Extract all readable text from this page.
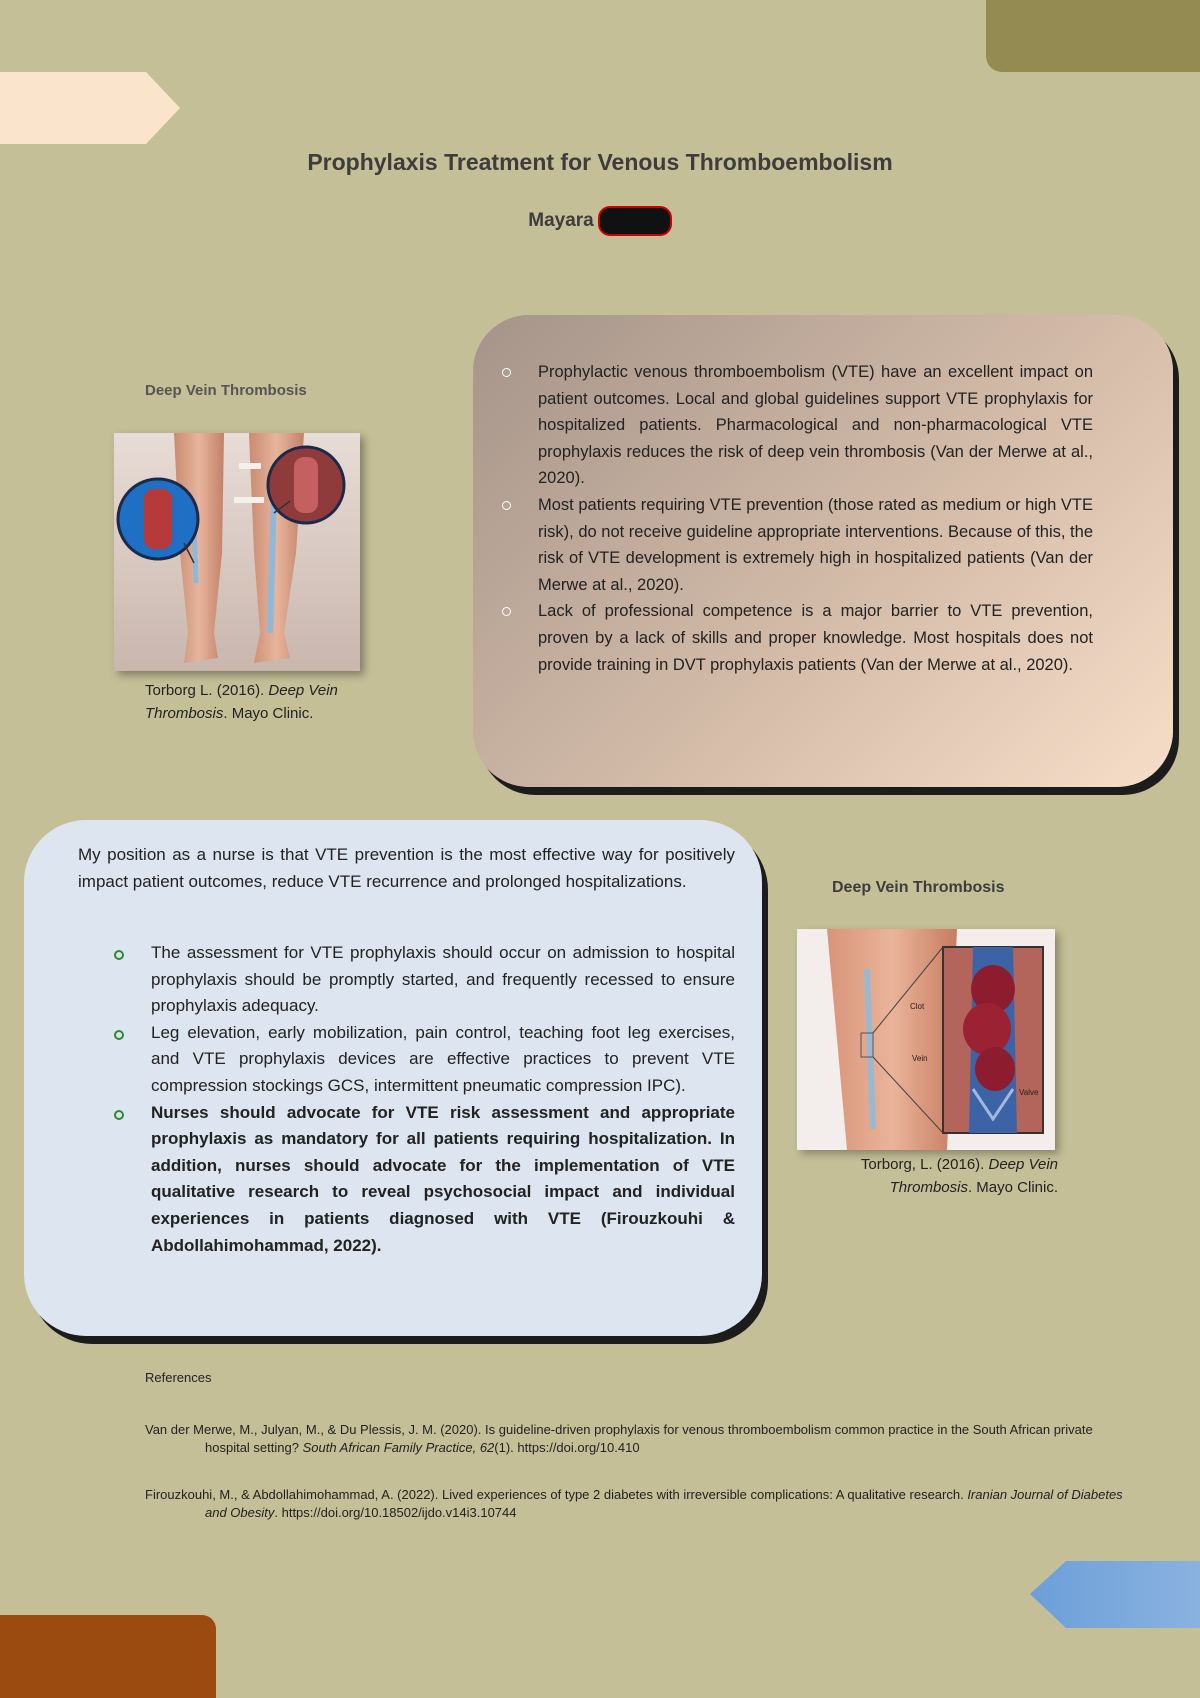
Prophylaxis Treatment for Venous Thromboembolism
Mayara
Deep Vein Thrombosis
Torborg L. (2016). Deep Vein Thrombosis. Mayo Clinic.
Prophylactic venous thromboembolism (VTE) have an excellent impact on patient outcomes. Local and global guidelines support VTE prophylaxis for hospitalized patients. Pharmacological and non-pharmacological VTE prophylaxis reduces the risk of deep vein thrombosis (Van der Merwe at al., 2020).
Most patients requiring VTE prevention (those rated as medium or high VTE risk), do not receive guideline appropriate interventions. Because of this, the risk of VTE development is extremely high in hospitalized patients (Van der Merwe at al., 2020).
Lack of professional competence is a major barrier to VTE prevention, proven by a lack of skills and proper knowledge. Most hospitals does not provide training in DVT prophylaxis patients (Van der Merwe at al., 2020).
My position as a nurse is that VTE prevention is the most effective way for positively impact patient outcomes, reduce VTE recurrence and prolonged hospitalizations.
The assessment for VTE prophylaxis should occur on admission to hospital prophylaxis should be promptly started, and frequently recessed to ensure prophylaxis adequacy.
Leg elevation, early mobilization, pain control, teaching foot leg exercises, and VTE prophylaxis devices are effective practices to prevent VTE compression stockings GCS, intermittent pneumatic compression IPC).
Nurses should advocate for VTE risk assessment and appropriate prophylaxis as mandatory for all patients requiring hospitalization. In addition, nurses should advocate for the implementation of VTE qualitative research to reveal psychosocial impact and individual experiences in patients diagnosed with VTE (Firouzkouhi & Abdollahimohammad, 2022).
Deep Vein Thrombosis
Clot
Vein
Valve
Torborg, L. (2016). Deep Vein Thrombosis. Mayo Clinic.
References
Van der Merwe, M., Julyan, M., & Du Plessis, J. M. (2020). Is guideline-driven prophylaxis for venous thromboembolism common practice in the South African private hospital setting? South African Family Practice, 62(1). https://doi.org/10.410
Firouzkouhi, M., & Abdollahimohammad, A. (2022). Lived experiences of type 2 diabetes with irreversible complications: A qualitative research. Iranian Journal of Diabetes and Obesity. https://doi.org/10.18502/ijdo.v14i3.10744
